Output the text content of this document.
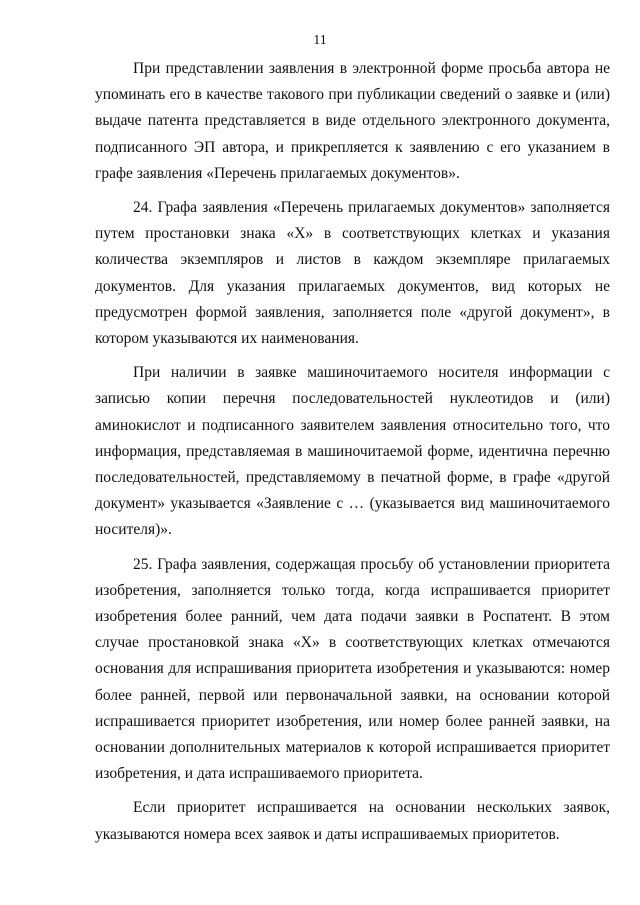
11

При представлении заявления в электронной форме просьба автора не упоминать его в качестве такового при публикации сведений о заявке и (или) выдаче патента представляется в виде отдельного электронного документа, подписанного ЭП автора, и прикрепляется к заявлению с его указанием в графе заявления «Перечень прилагаемых документов».

24. Графа заявления «Перечень прилагаемых документов» заполняется путем простановки знака «Х» в соответствующих клетках и указания количества экземпляров и листов в каждом экземпляре прилагаемых документов. Для указания прилагаемых документов, вид которых не предусмотрен формой заявления, заполняется поле «другой документ», в котором указываются их наименования.

При наличии в заявке машиночитаемого носителя информации с записью копии перечня последовательностей нуклеотидов и (или) аминокислот и подписанного заявителем заявления относительно того, что информация, представляемая в машиночитаемой форме, идентична перечню последовательностей, представляемому в печатной форме, в графе «другой документ» указывается «Заявление с … (указывается вид машиночитаемого носителя)».

25. Графа заявления, содержащая просьбу об установлении приоритета изобретения, заполняется только тогда, когда испрашивается приоритет изобретения более ранний, чем дата подачи заявки в Роспатент. В этом случае простановкой знака «Х» в соответствующих клетках отмечаются основания для испрашивания приоритета изобретения и указываются: номер более ранней, первой или первоначальной заявки, на основании которой испрашивается приоритет изобретения, или номер более ранней заявки, на основании дополнительных материалов к которой испрашивается приоритет изобретения, и дата испрашиваемого приоритета.

Если приоритет испрашивается на основании нескольких заявок, указываются номера всех заявок и даты испрашиваемых приоритетов.
